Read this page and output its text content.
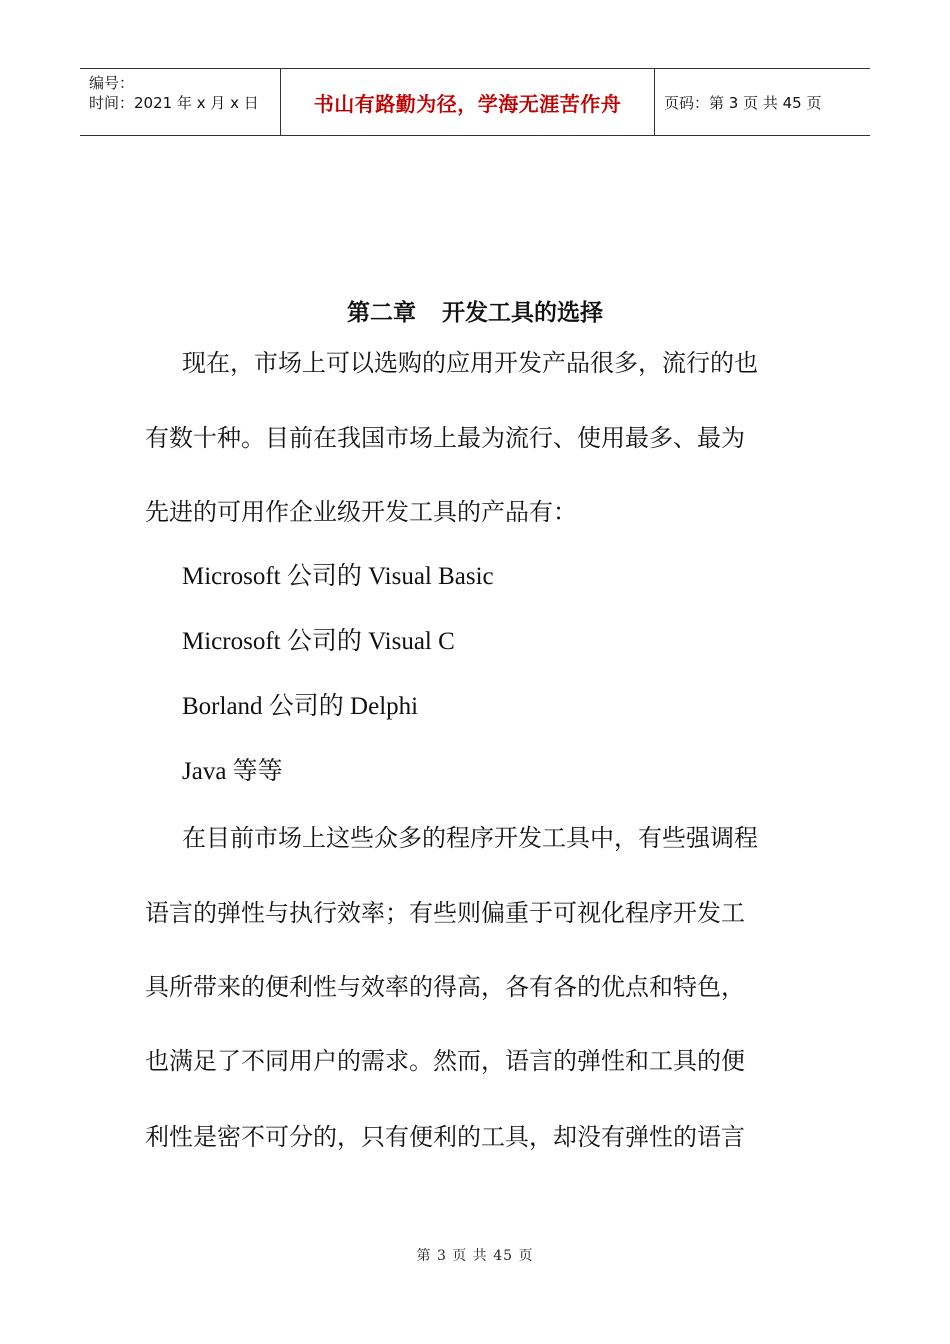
编号：
时间：2021 年 x 月 x 日	书山有路勤为径，学海无涯苦作舟	页码：第 3 页 共 45 页
第二章 开发工具的选择
现在，市场上可以选购的应用开发产品很多，流行的也
有数十种。目前在我国市场上最为流行、使用最多、最为
先进的可用作企业级开发工具的产品有：
Microsoft 公司的 Visual Basic
Microsoft 公司的 Visual C
Borland 公司的 Delphi
Java 等等
在目前市场上这些众多的程序开发工具中，有些强调程
语言的弹性与执行效率；有些则偏重于可视化程序开发工
具所带来的便利性与效率的得高，各有各的优点和特色，
也满足了不同用户的需求。然而，语言的弹性和工具的便
利性是密不可分的，只有便利的工具，却没有弹性的语言
第 3 页 共 45 页
